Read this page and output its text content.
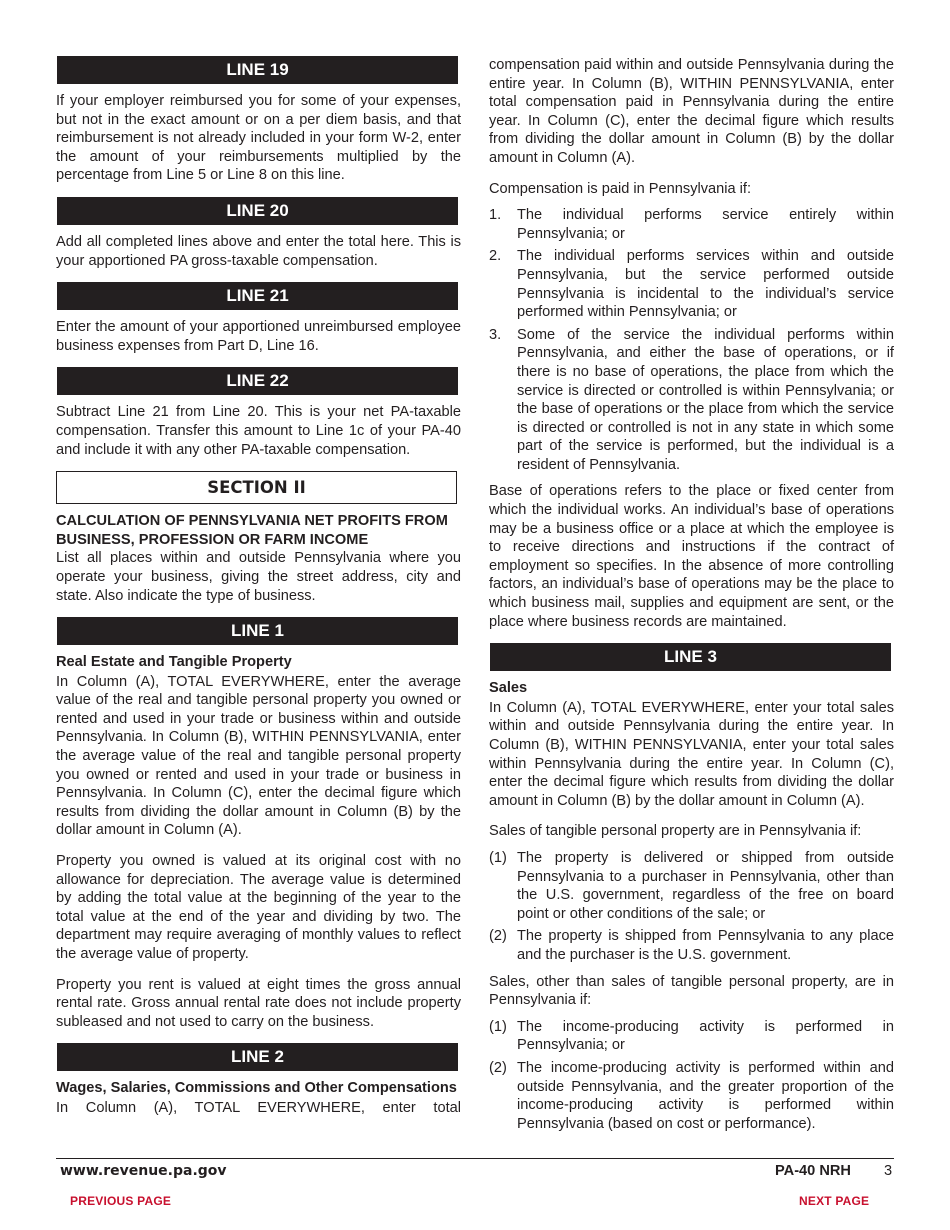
LINE 19

If your employer reimbursed you for some of your expenses, but not in the exact amount or on a per diem basis, and that reimbursement is not already included in your form W-2, enter the amount of your reimbursements multiplied by the percentage from Line 5 or Line 8 on this line.

LINE 20

Add all completed lines above and enter the total here. This is your apportioned PA gross-taxable compensation.

LINE 21

Enter the amount of your apportioned unreimbursed employee business expenses from Part D, Line 16.

LINE 22

Subtract Line 21 from Line 20. This is your net PA-taxable compensation. Transfer this amount to Line 1c of your PA-40 and include it with any other PA-taxable compensation.

SECTION II
CALCULATION OF PENNSYLVANIA NET PROFITS FROM BUSINESS, PROFESSION OR FARM INCOME

List all places within and outside Pennsylvania where you operate your business, giving the street address, city and state. Also indicate the type of business.

LINE 1
Real Estate and Tangible Property

In Column (A), TOTAL EVERYWHERE, enter the average value of the real and tangible personal property you owned or rented and used in your trade or business within and outside Pennsylvania. In Column (B), WITHIN PENNSYLVANIA, enter the average value of the real and tangible personal property you owned or rented and used in your trade or business in Pennsylvania. In Column (C), enter the decimal figure which results from dividing the dollar amount in Column (B) by the dollar amount in Column (A).

Property you owned is valued at its original cost with no allowance for depreciation. The average value is determined by adding the total value at the beginning of the year to the total value at the end of the year and dividing by two. The department may require averaging of monthly values to reflect the average value of property.

Property you rent is valued at eight times the gross annual rental rate. Gross annual rental rate does not include property subleased and not used to carry on the business.

LINE 2
Wages, Salaries, Commissions and Other Compensations

In Column (A), TOTAL EVERYWHERE, enter total

compensation paid within and outside Pennsylvania during the entire year. In Column (B), WITHIN PENNSYLVANIA, enter total compensation paid in Pennsylvania during the entire year. In Column (C), enter the decimal figure which results from dividing the dollar amount in Column (B) by the dollar amount in Column (A).

Compensation is paid in Pennsylvania if:

1. The individual performs service entirely within Pennsylvania; or
2. The individual performs services within and outside Pennsylvania, but the service performed outside Pennsylvania is incidental to the individual’s service performed within Pennsylvania; or
3. Some of the service the individual performs within Pennsylvania, and either the base of operations, or if there is no base of operations, the place from which the service is directed or controlled is within Pennsylvania; or the base of operations or the place from which the service is directed or controlled is not in any state in which some part of the service is performed, but the individual is a resident of Pennsylvania.

Base of operations refers to the place or fixed center from which the individual works. An individual’s base of operations may be a business office or a place at which the employee is to receive directions and instructions if the contract of employment so specifies. In the absence of more controlling factors, an individual’s base of operations may be the place to which business mail, supplies and equipment are sent, or the place where business records are maintained.

LINE 3
Sales

In Column (A), TOTAL EVERYWHERE, enter your total sales within and outside Pennsylvania during the entire year. In Column (B), WITHIN PENNSYLVANIA, enter your total sales within Pennsylvania during the entire year. In Column (C), enter the decimal figure which results from dividing the dollar amount in Column (B) by the dollar amount in Column (A).

Sales of tangible personal property are in Pennsylvania if:

(1) The property is delivered or shipped from outside Pennsylvania to a purchaser in Pennsylvania, other than the U.S. government, regardless of the free on board point or other conditions of the sale; or
(2) The property is shipped from Pennsylvania to any place and the purchaser is the U.S. government.

Sales, other than sales of tangible personal property, are in Pennsylvania if:

(1) The income-producing activity is performed in Pennsylvania; or
(2) The income-producing activity is performed within and outside Pennsylvania, and the greater proportion of the income-producing activity is performed within Pennsylvania (based on cost or performance).
www.revenue.pa.gov	PA-40 NRH 3
PREVIOUS PAGE	NEXT PAGE
